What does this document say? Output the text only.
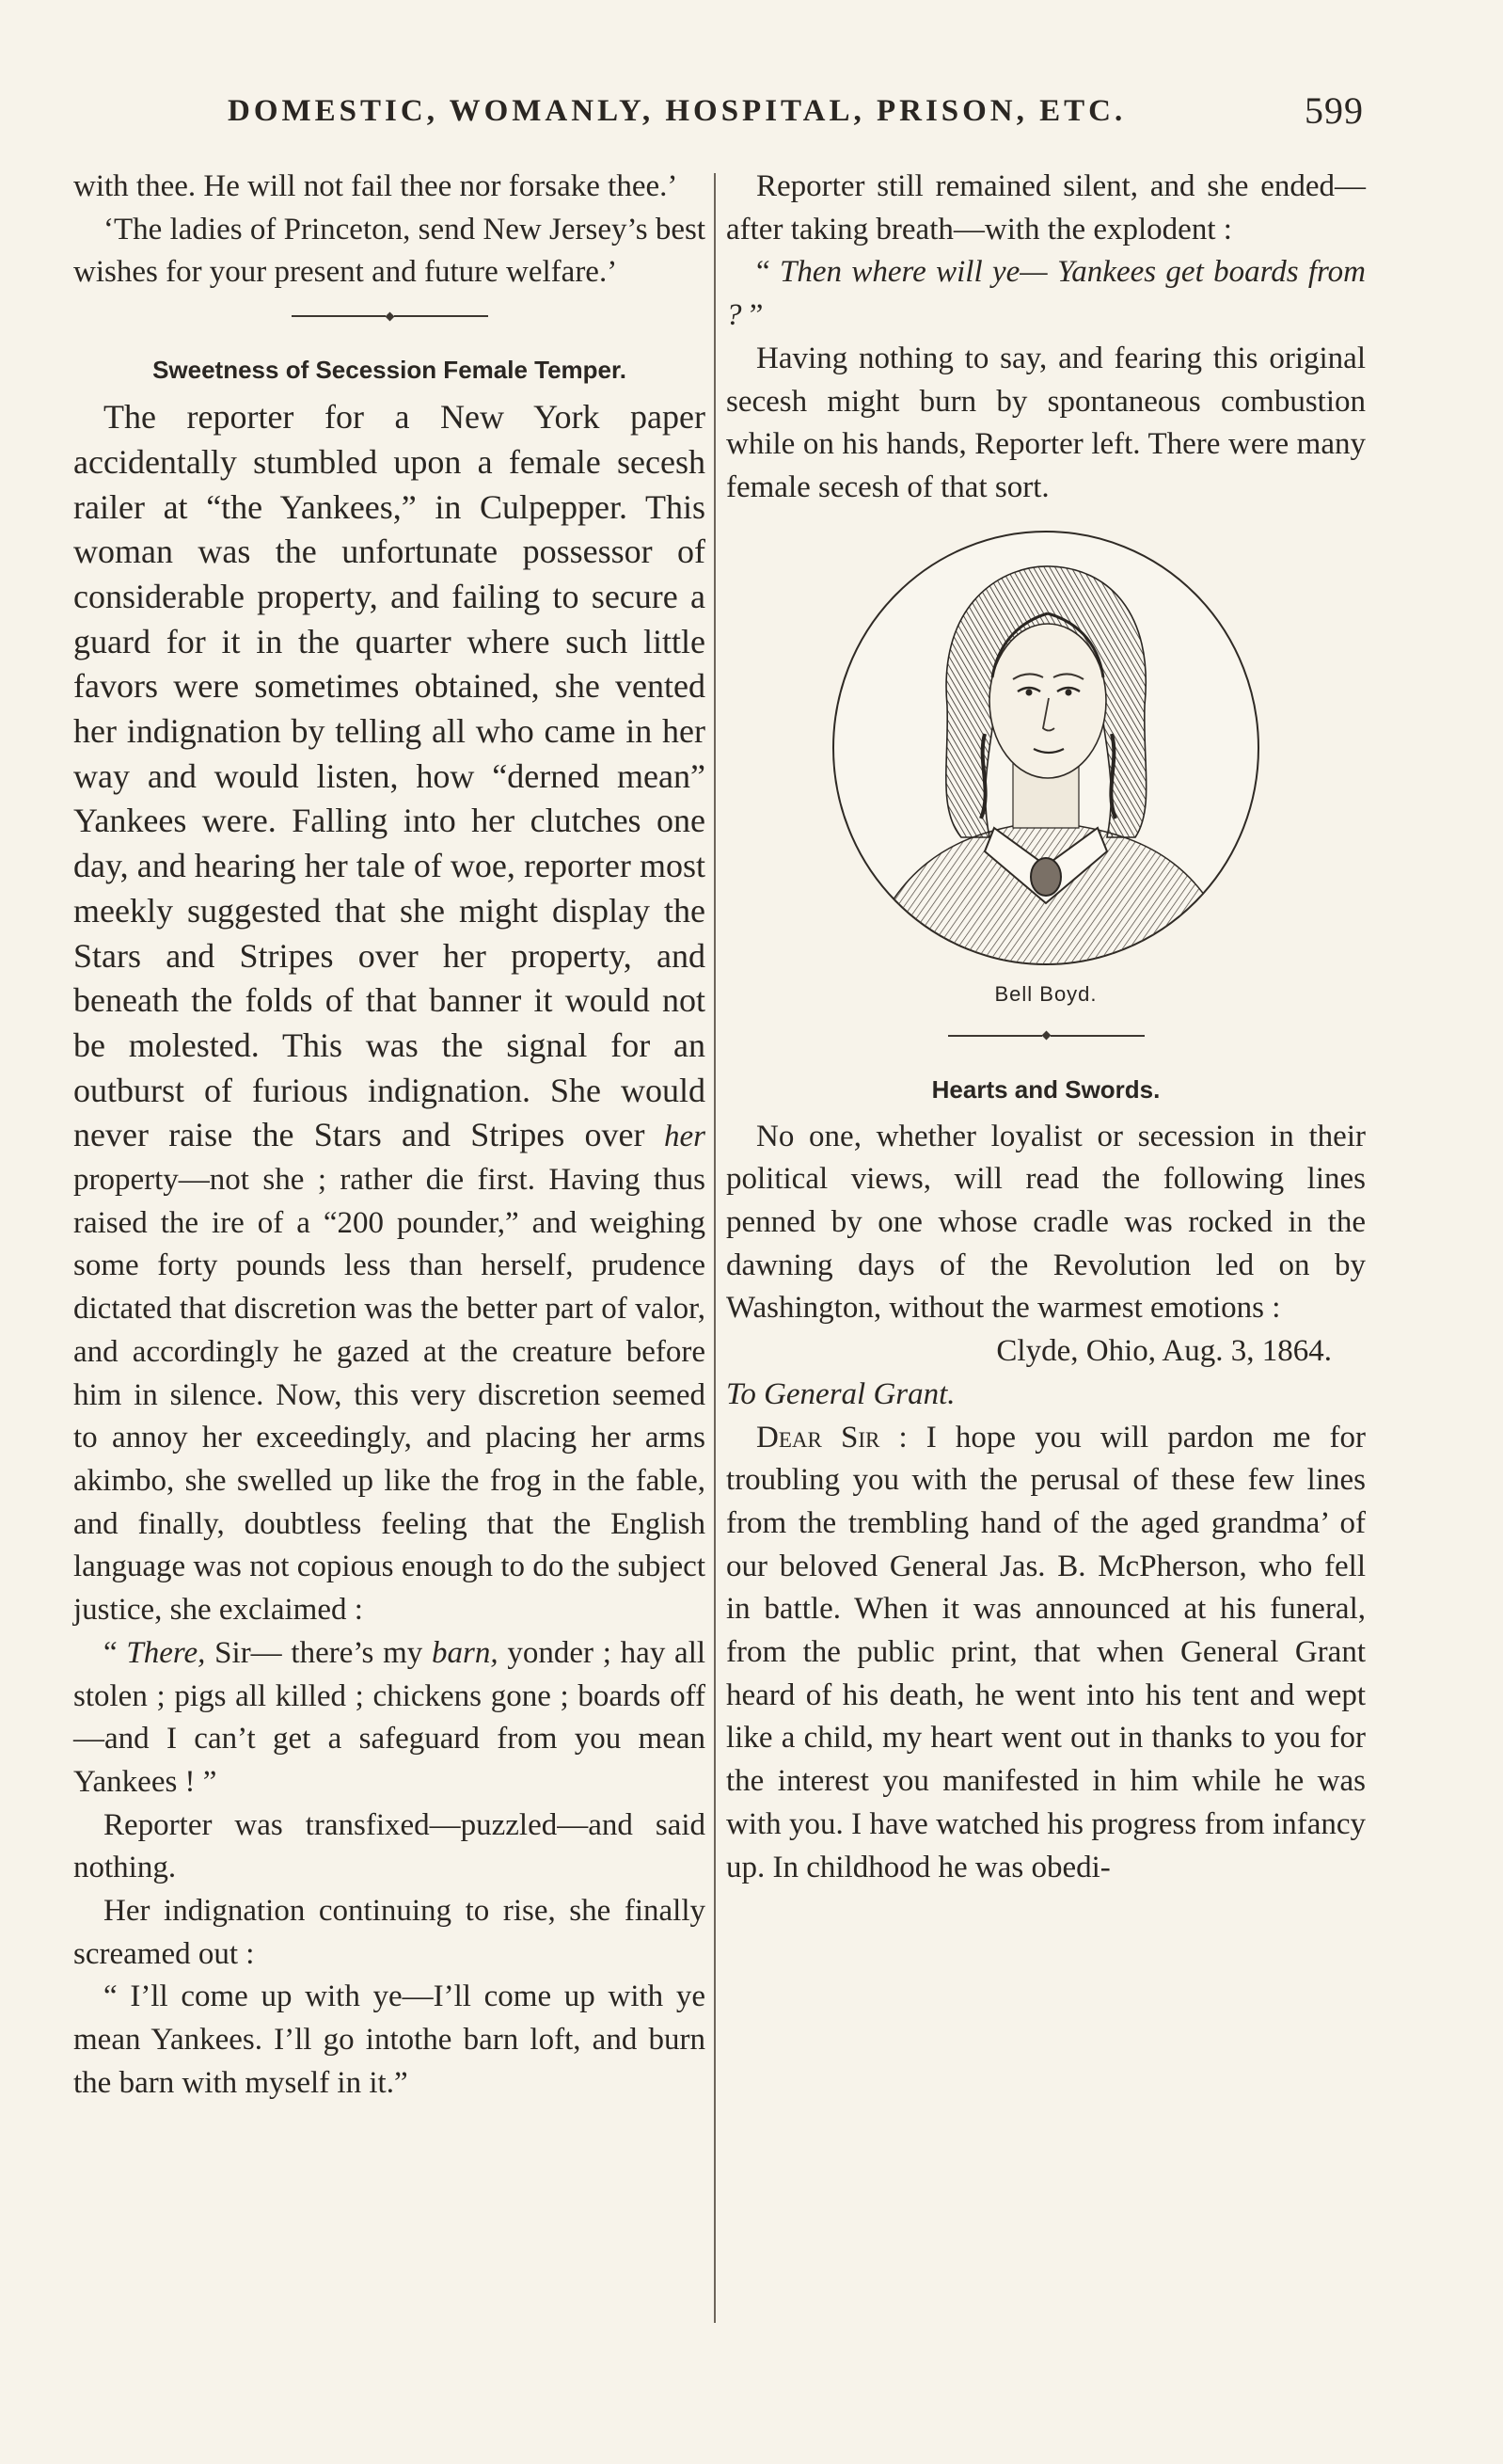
DOMESTIC, WOMANLY, HOSPITAL, PRISON, ETC.	599

with thee. He will not fail thee nor forsake thee.’

‘The ladies of Princeton, send New Jersey’s best wishes for your present and future welfare.’

Sweetness of Secession Female Temper.

The reporter for a New York paper accidentally stumbled upon a female secesh railer at “the Yankees,” in Culpepper. This woman was the unfortunate possessor of considerable property, and failing to secure a guard for it in the quarter where such little favors were sometimes obtained, she vented her indignation by telling all who came in her way and would listen, how “derned mean” Yankees were. Falling into her clutches one day, and hearing her tale of woe, reporter most meekly suggested that she might display the Stars and Stripes over her property, and beneath the folds of that banner it would not be molested. This was the signal for an outburst of furious indignation. She would never raise the Stars and Stripes over her property—not she ; rather die first. Having thus raised the ire of a “200 pounder,” and weighing some forty pounds less than herself, prudence dictated that discretion was the better part of valor, and accordingly he gazed at the creature before him in silence. Now, this very discretion seemed to annoy her exceedingly, and placing her arms akimbo, she swelled up like the frog in the fable, and finally, doubtless feeling that the English language was not copious enough to do the subject justice, she exclaimed :

“ There, Sir— there’s my barn, yonder ; hay all stolen ; pigs all killed ; chickens gone ; boards off—and I can’t get a safeguard from you mean Yankees ! ”

Reporter was transfixed—puzzled—and said nothing.

Her indignation continuing to rise, she finally screamed out :

“ I’ll come up with ye—I’ll come up with ye mean Yankees. I’ll go intothe barn loft, and burn the barn with myself in it.”

Reporter still remained silent, and she ended—after taking breath—with the explodent :

“ Then where will ye— Yankees get boards from ? ”

Having nothing to say, and fearing this original secesh might burn by spontaneous combustion while on his hands, Reporter left. There were many female secesh of that sort.

Bell Boyd.
Hearts and Swords.

No one, whether loyalist or secession in their political views, will read the following lines penned by one whose cradle was rocked in the dawning days of the Revolution led on by Washington, without the warmest emotions :

Clyde, Ohio, Aug. 3, 1864.

To General Grant.

Dear Sir : I hope you will pardon me for troubling you with the perusal of these few lines from the trembling hand of the aged grandma’ of our beloved General Jas. B. McPherson, who fell in battle. When it was announced at his funeral, from the public print, that when General Grant heard of his death, he went into his tent and wept like a child, my heart went out in thanks to you for the interest you manifested in him while he was with you. I have watched his progress from infancy up. In childhood he was obedi-
